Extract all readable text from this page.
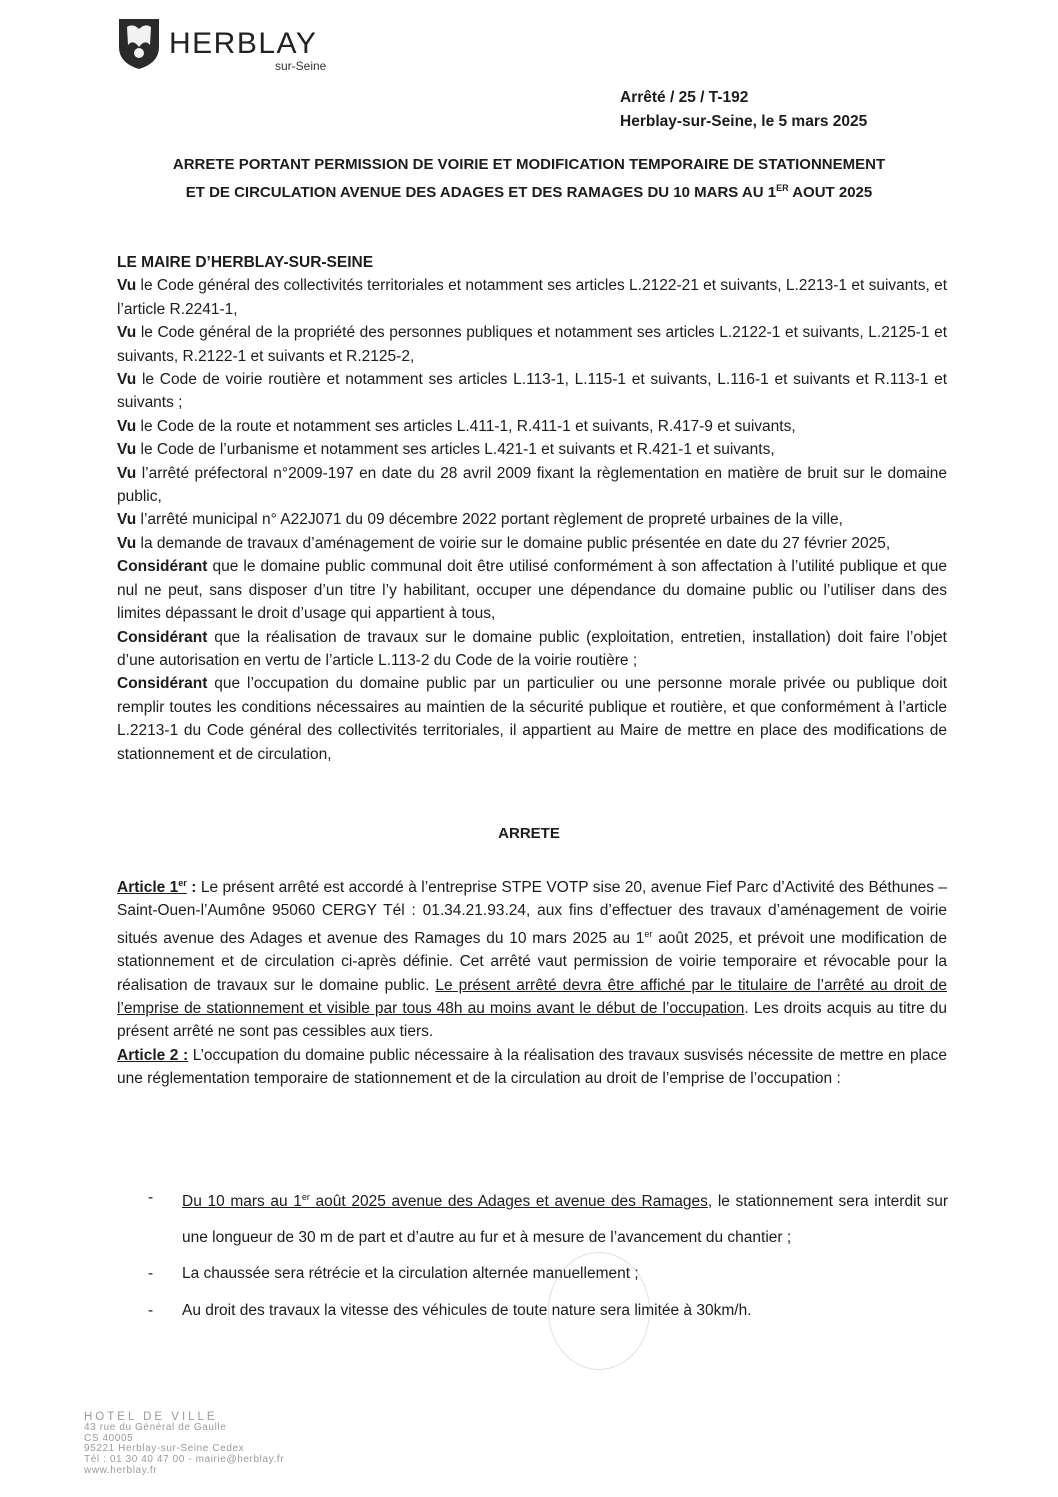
HERBLAY
sur-Seine
Arrêté / 25 / T-192
Herblay-sur-Seine, le 5 mars 2025
ARRETE PORTANT PERMISSION DE VOIRIE ET MODIFICATION TEMPORAIRE DE STATIONNEMENT
ET DE CIRCULATION AVENUE DES ADAGES ET DES RAMAGES DU 10 MARS AU 1ER AOUT 2025

LE MAIRE D’HERBLAY-SUR-SEINE

Vu le Code général des collectivités territoriales et notamment ses articles L.2122-21 et suivants, L.2213-1 et suivants, et l’article R.2241-1,

Vu le Code général de la propriété des personnes publiques et notamment ses articles L.2122-1 et suivants, L.2125-1 et suivants, R.2122-1 et suivants et R.2125-2,

Vu le Code de voirie routière et notamment ses articles L.113-1, L.115-1 et suivants, L.116-1 et suivants et R.113-1 et suivants ;

Vu le Code de la route et notamment ses articles L.411-1, R.411-1 et suivants, R.417-9 et suivants,

Vu le Code de l’urbanisme et notamment ses articles L.421-1 et suivants et R.421-1 et suivants,

Vu l’arrêté préfectoral n°2009-197 en date du 28 avril 2009 fixant la règlementation en matière de bruit sur le domaine public,

Vu l’arrêté municipal n° A22J071 du 09 décembre 2022 portant règlement de propreté urbaines de la ville,

Vu la demande de travaux d’aménagement de voirie sur le domaine public présentée en date du 27 février 2025,

Considérant que le domaine public communal doit être utilisé conformément à son affectation à l’utilité publique et que nul ne peut, sans disposer d’un titre l’y habilitant, occuper une dépendance du domaine public ou l’utiliser dans des limites dépassant le droit d’usage qui appartient à tous,

Considérant que la réalisation de travaux sur le domaine public (exploitation, entretien, installation) doit faire l’objet d’une autorisation en vertu de l’article L.113-2 du Code de la voirie routière ;

Considérant que l’occupation du domaine public par un particulier ou une personne morale privée ou publique doit remplir toutes les conditions nécessaires au maintien de la sécurité publique et routière, et que conformément à l’article L.2213-1 du Code général des collectivités territoriales, il appartient au Maire de mettre en place des modifications de stationnement et de circulation,

ARRETE

Article 1er : Le présent arrêté est accordé à l’entreprise STPE VOTP sise 20, avenue Fief Parc d’Activité des Béthunes – Saint-Ouen-l’Aumône 95060 CERGY Tél : 01.34.21.93.24, aux fins d’effectuer des travaux d’aménagement de voirie situés avenue des Adages et avenue des Ramages du 10 mars 2025 au 1er août 2025, et prévoit une modification de stationnement et de circulation ci-après définie. Cet arrêté vaut permission de voirie temporaire et révocable pour la réalisation de travaux sur le domaine public. Le présent arrêté devra être affiché par le titulaire de l’arrêté au droit de l’emprise de stationnement et visible par tous 48h au moins avant le début de l’occupation. Les droits acquis au titre du présent arrêté ne sont pas cessibles aux tiers.

Article 2 : L’occupation du domaine public nécessaire à la réalisation des travaux susvisés nécessite de mettre en place une réglementation temporaire de stationnement et de la circulation au droit de l’emprise de l’occupation :

- Du 10 mars au 1er août 2025 avenue des Adages et avenue des Ramages, le stationnement sera interdit sur une longueur de 30 m de part et d’autre au fur et à mesure de l’avancement du chantier ;
- La chaussée sera rétrécie et la circulation alternée manuellement ;
- Au droit des travaux la vitesse des véhicules de toute nature sera limitée à 30km/h.
HOTEL DE VILLE
43 rue du Général de Gaulle
CS 40005
95221 Herblay-sur-Seine Cedex
Tél : 01 30 40 47 00 - mairie@herblay.fr
www.herblay.fr
